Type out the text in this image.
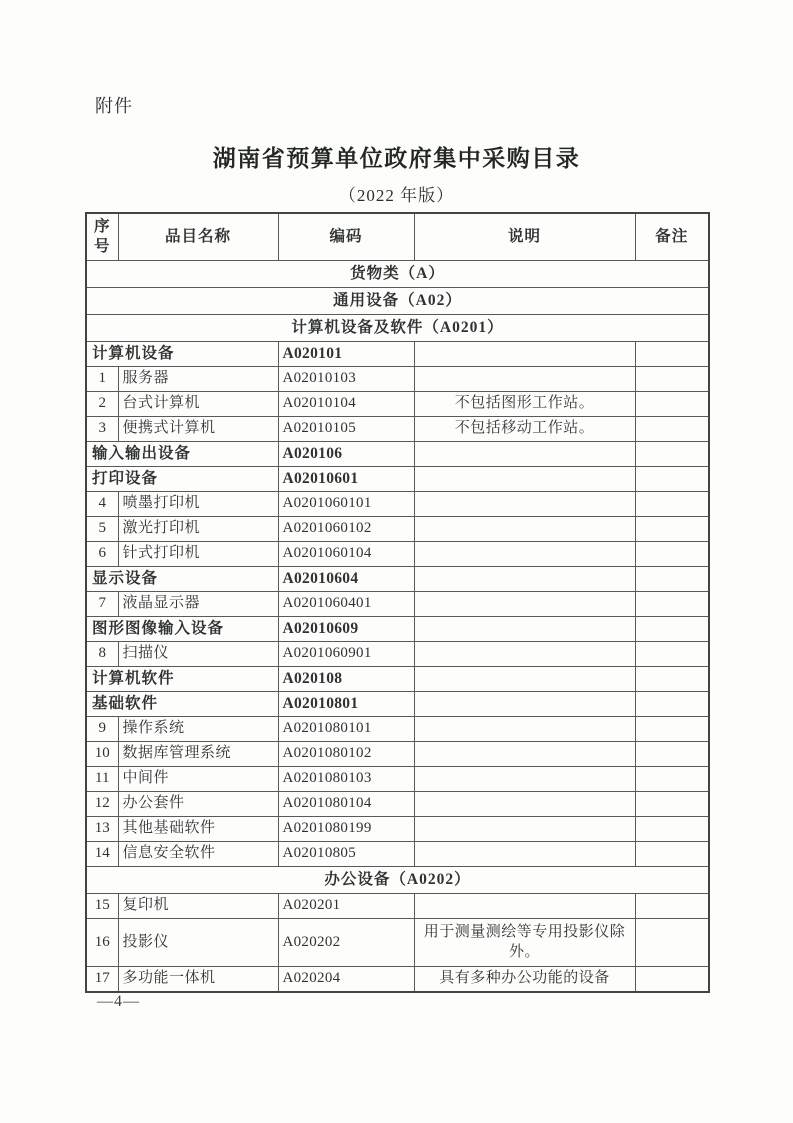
附件
湖南省预算单位政府集中采购目录
（2022 年版）
序号	品目名称	编码	说明	备注
货物类（A）				
通用设备（A02）				
计算机设备及软件（A0201）				
计算机设备		A020101		
1	服务器	A02010103		
2	台式计算机	A02010104	不包括图形工作站。	
3	便携式计算机	A02010105	不包括移动工作站。	
输入输出设备		A020106		
打印设备		A02010601		
4	喷墨打印机	A0201060101		
5	激光打印机	A0201060102		
6	针式打印机	A0201060104		
显示设备		A02010604		
7	液晶显示器	A0201060401		
图形图像输入设备		A02010609		
8	扫描仪	A0201060901		
计算机软件		A020108		
基础软件		A02010801		
9	操作系统	A0201080101		
10	数据库管理系统	A0201080102		
11	中间件	A0201080103		
12	办公套件	A0201080104		
13	其他基础软件	A0201080199		
14	信息安全软件	A02010805		
办公设备（A0202）				
15	复印机	A020201		
16	投影仪	A020202	用于测量测绘等专用投影仪除外。	
17	多功能一体机	A020204	具有多种办公功能的设备	
—4—
